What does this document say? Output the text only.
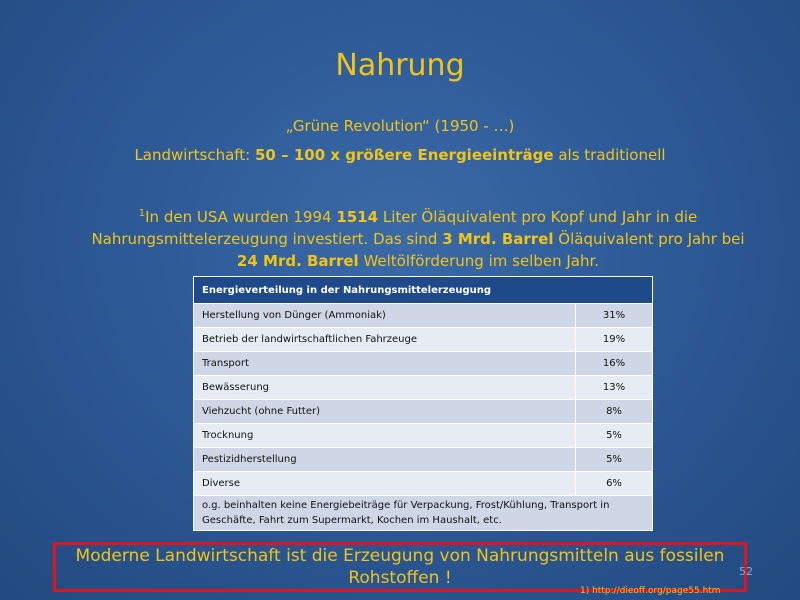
Nahrung
„Grüne Revolution“ (1950 - …)
Landwirtschaft: 50 – 100 x größere Energieeinträge als traditionell
$^1$In den USA wurden 1994 1514 Liter Öläquivalent pro Kopf und Jahr in die Nahrungsmittelerzeugung investiert. Das sind 3 Mrd. Barrel Öläquivalent pro Jahr bei 24 Mrd. Barrel Weltölförderung im selben Jahr.
Energieverteilung in der Nahrungsmittelerzeugung	
Herstellung von Dünger (Ammoniak)	31%
Betrieb der landwirtschaftlichen Fahrzeuge	19%
Transport	16%
Bewässerung	13%
Viehzucht (ohne Futter)	8%
Trocknung	5%
Pestizidherstellung	5%
Diverse	6%
o.g. beinhalten keine Energiebeiträge für Verpackung, Frost/Kühlung, Transport in Geschäfte, Fahrt zum Supermarkt, Kochen im Haushalt, etc.	
Moderne Landwirtschaft ist die Erzeugung von Nahrungsmitteln aus fossilen Rohstoffen !	52
1) http://dieoff.org/page55.htm
